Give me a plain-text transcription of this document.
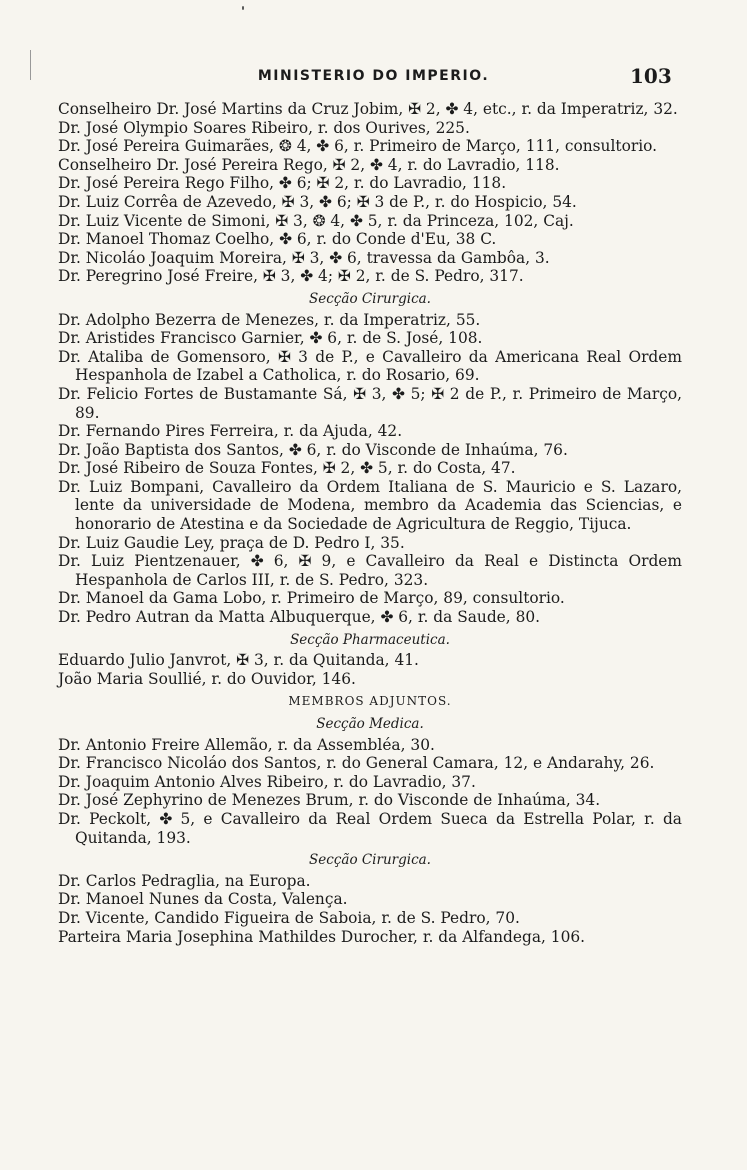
MINISTERIO DO IMPERIO.	103

Conselheiro Dr. José Martins da Cruz Jobim, ✠ 2, ✤ 4, etc., r. da Imperatriz, 32.

Dr. José Olympio Soares Ribeiro, r. dos Ourives, 225.

Dr. José Pereira Guimarães, ❂ 4, ✤ 6, r. Primeiro de Março, 111, consultorio.

Conselheiro Dr. José Pereira Rego, ✠ 2, ✤ 4, r. do Lavradio, 118.

Dr. José Pereira Rego Filho, ✤ 6; ✠ 2, r. do Lavradio, 118.

Dr. Luiz Corrêa de Azevedo, ✠ 3, ✤ 6; ✠ 3 de P., r. do Hospicio, 54.

Dr. Luiz Vicente de Simoni, ✠ 3, ❂ 4, ✤ 5, r. da Princeza, 102, Caj.

Dr. Manoel Thomaz Coelho, ✤ 6, r. do Conde d'Eu, 38 C.

Dr. Nicoláo Joaquim Moreira, ✠ 3, ✤ 6, travessa da Gambôa, 3.

Dr. Peregrino José Freire, ✠ 3, ✤ 4; ✠ 2, r. de S. Pedro, 317.

Secção Cirurgica.

Dr. Adolpho Bezerra de Menezes, r. da Imperatriz, 55.

Dr. Aristides Francisco Garnier, ✤ 6, r. de S. José, 108.

Dr. Ataliba de Gomensoro, ✠ 3 de P., e Cavalleiro da Americana Real Ordem Hespanhola de Izabel a Catholica, r. do Rosario, 69.

Dr. Felicio Fortes de Bustamante Sá, ✠ 3, ✤ 5; ✠ 2 de P., r. Primeiro de Março, 89.

Dr. Fernando Pires Ferreira, r. da Ajuda, 42.

Dr. João Baptista dos Santos, ✤ 6, r. do Visconde de Inhaúma, 76.

Dr. José Ribeiro de Souza Fontes, ✠ 2, ✤ 5, r. do Costa, 47.

Dr. Luiz Bompani, Cavalleiro da Ordem Italiana de S. Mauricio e S. Lazaro, lente da universidade de Modena, membro da Academia das Sciencias, e honorario de Atestina e da Sociedade de Agricultura de Reggio, Tijuca.

Dr. Luiz Gaudie Ley, praça de D. Pedro I, 35.

Dr. Luiz Pientzenauer, ✤ 6, ✠ 9, e Cavalleiro da Real e Distincta Ordem Hespanhola de Carlos III, r. de S. Pedro, 323.

Dr. Manoel da Gama Lobo, r. Primeiro de Março, 89, consultorio.

Dr. Pedro Autran da Matta Albuquerque, ✤ 6, r. da Saude, 80.

Secção Pharmaceutica.

Eduardo Julio Janvrot, ✠ 3, r. da Quitanda, 41.

João Maria Soullié, r. do Ouvidor, 146.

MEMBROS ADJUNTOS.

Secção Medica.

Dr. Antonio Freire Allemão, r. da Assembléa, 30.

Dr. Francisco Nicoláo dos Santos, r. do General Camara, 12, e Andarahy, 26.

Dr. Joaquim Antonio Alves Ribeiro, r. do Lavradio, 37.

Dr. José Zephyrino de Menezes Brum, r. do Visconde de Inhaúma, 34.

Dr. Peckolt, ✤ 5, e Cavalleiro da Real Ordem Sueca da Estrella Polar, r. da Quitanda, 193.

Secção Cirurgica.

Dr. Carlos Pedraglia, na Europa.

Dr. Manoel Nunes da Costa, Valença.

Dr. Vicente, Candido Figueira de Saboia, r. de S. Pedro, 70.

Parteira Maria Josephina Mathildes Durocher, r. da Alfandega, 106.
